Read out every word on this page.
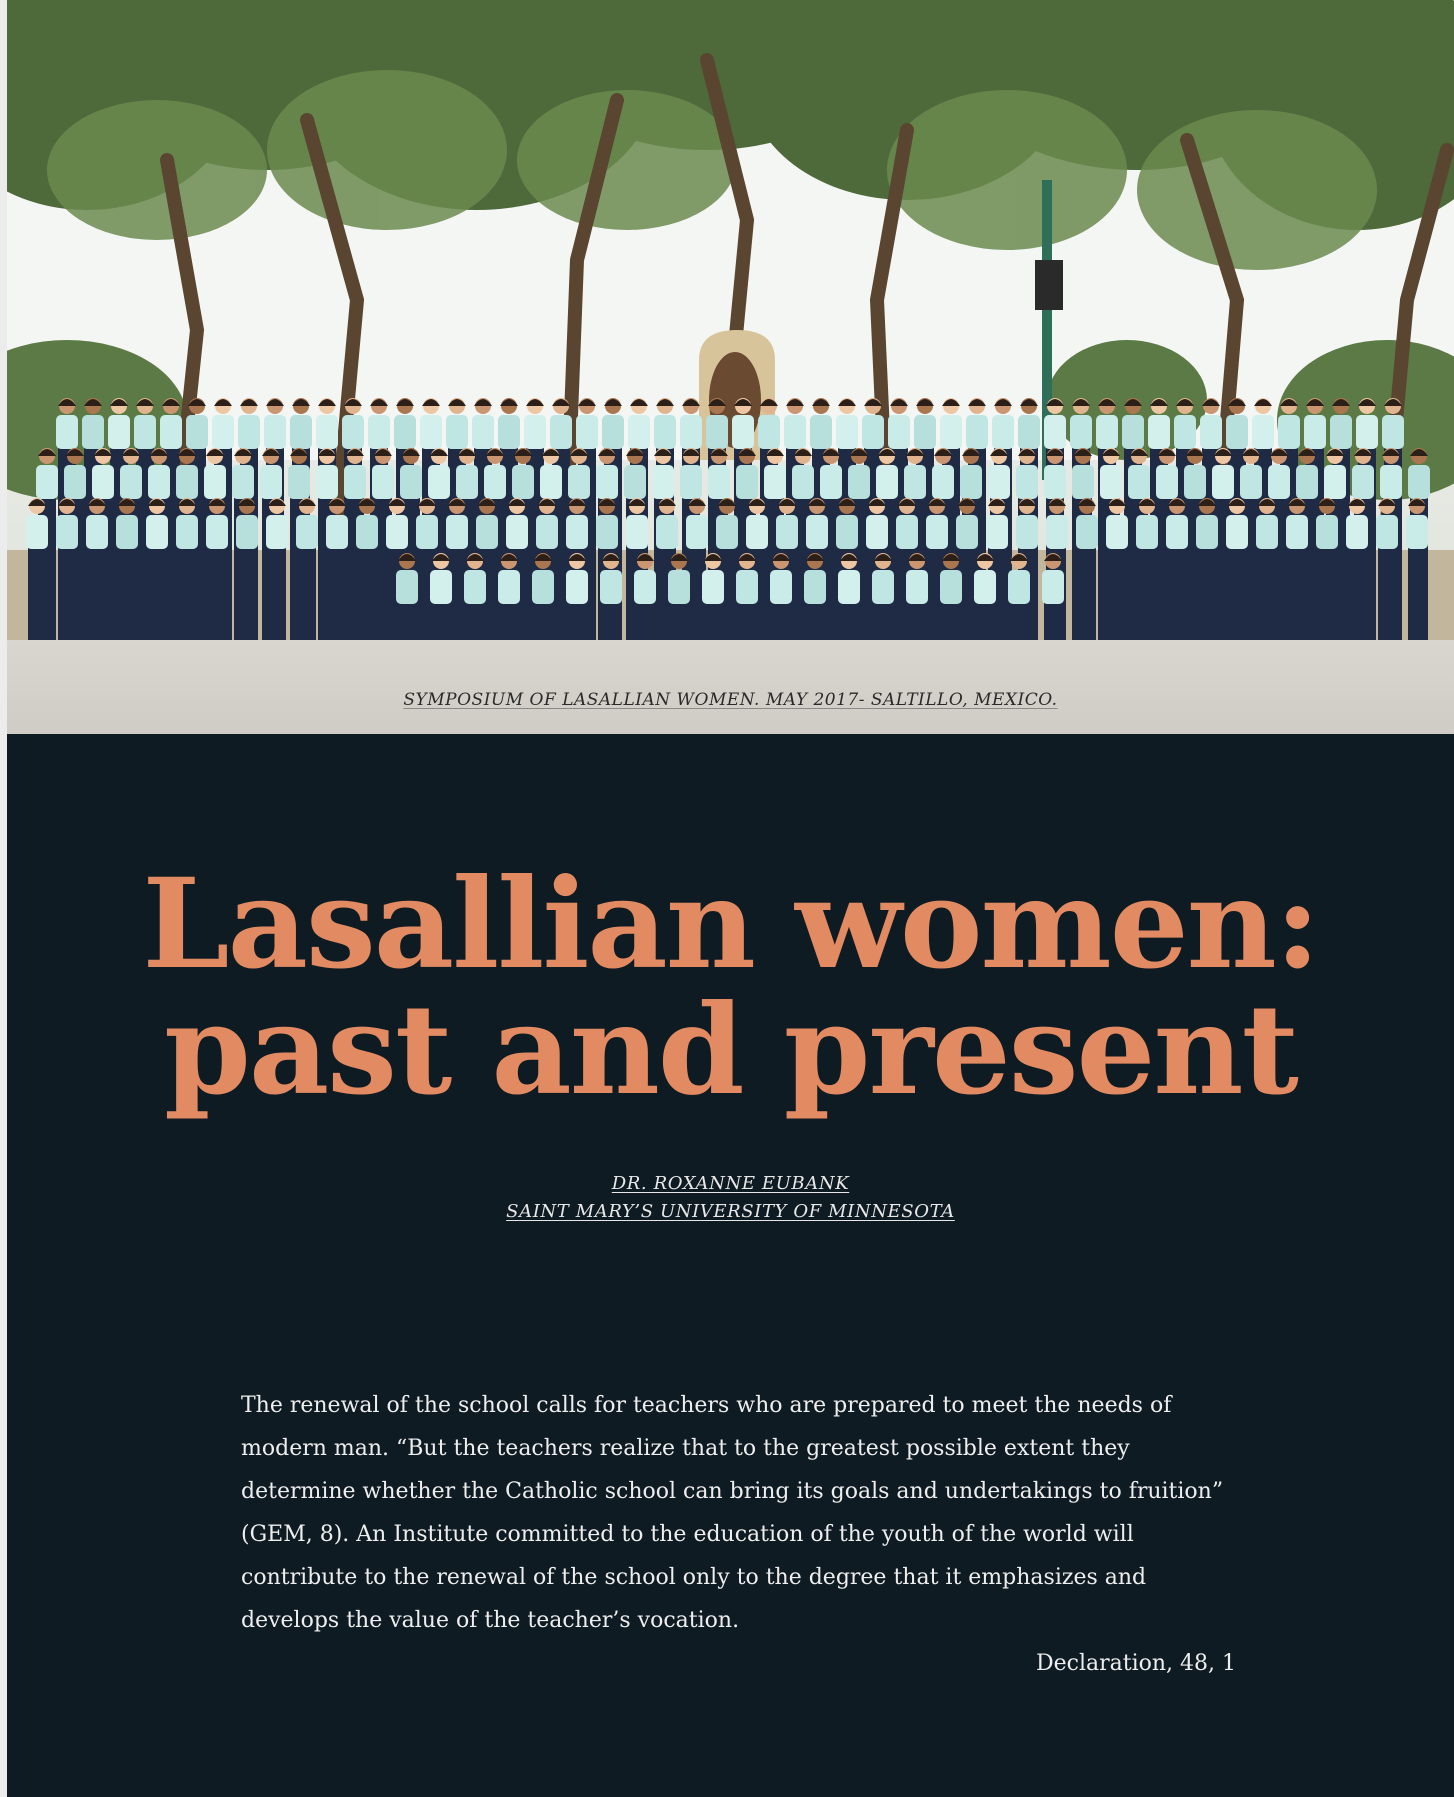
SYMPOSIUM OF LASALLIAN WOMEN. MAY 2017- SALTILLO, MEXICO.
Lasallian women:
past and present
DR. ROXANNE EUBANK
SAINT MARY’S UNIVERSITY OF MINNESOTA

The renewal of the school calls for teachers who are prepared to meet the needs of modern man. “But the teachers realize that to the greatest possible extent they determine whether the Catholic school can bring its goals and undertakings to fruition” (GEM, 8). An Institute committed to the education of the youth of the world will contribute to the renewal of the school only to the degree that it emphasizes and develops the value of the teacher’s vocation.

Declaration, 48, 1
